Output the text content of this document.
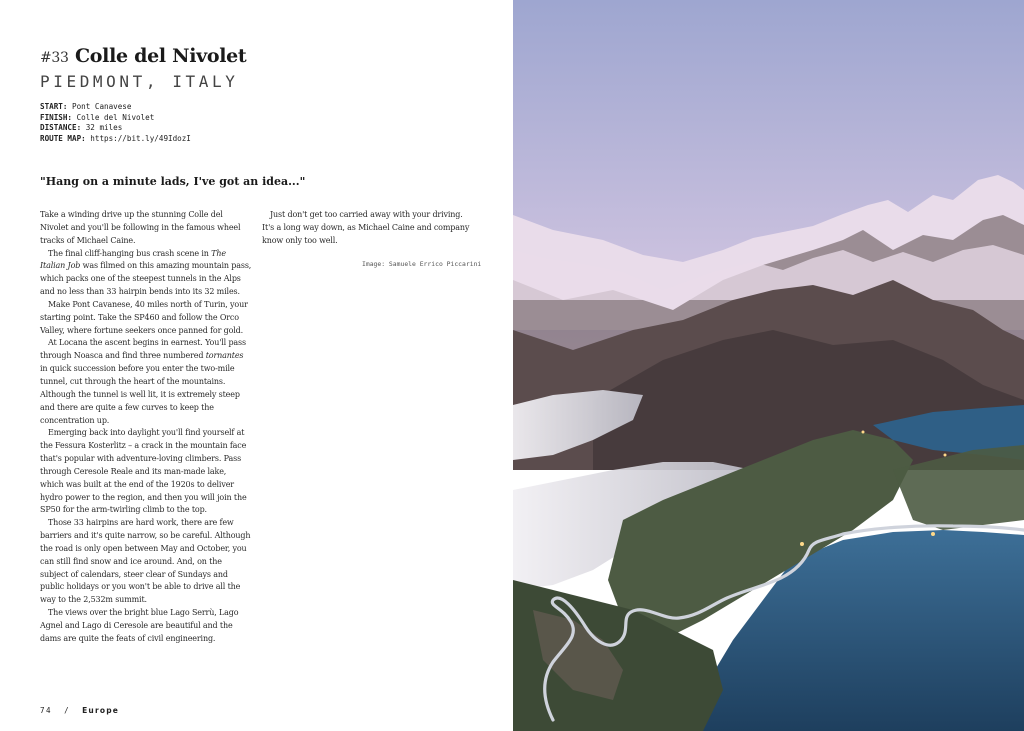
#33 Colle del Nivolet
PIEDMONT, ITALY
START: Pont Canavese
FINISH: Colle del Nivolet
DISTANCE: 32 miles
ROUTE MAP: https://bit.ly/49IdozI
"Hang on a minute lads, I've got an idea..."

Take a winding drive up the stunning Colle del Nivolet and you'll be following in the famous wheel tracks of Michael Caine.

The final cliff-hanging bus crash scene in The Italian Job was filmed on this amazing mountain pass, which packs one of the steepest tunnels in the Alps and no less than 33 hairpin bends into its 32 miles.

Make Pont Cavanese, 40 miles north of Turin, your starting point. Take the SP460 and follow the Orco Valley, where fortune seekers once panned for gold.

At Locana the ascent begins in earnest. You'll pass through Noasca and find three numbered tornantes in quick succession before you enter the two-mile tunnel, cut through the heart of the mountains. Although the tunnel is well lit, it is extremely steep and there are quite a few curves to keep the concentration up.

Emerging back into daylight you'll find yourself at the Fessura Kosterlitz – a crack in the mountain face that's popular with adventure-loving climbers. Pass through Ceresole Reale and its man-made lake, which was built at the end of the 1920s to deliver hydro power to the region, and then you will join the SP50 for the arm-twirling climb to the top.

Those 33 hairpins are hard work, there are few barriers and it's quite narrow, so be careful. Although the road is only open between May and October, you can still find snow and ice around. And, on the subject of calendars, steer clear of Sundays and public holidays or you won't be able to drive all the way to the 2,532m summit.

The views over the bright blue Lago Serrù, Lago Agnel and Lago di Ceresole are beautiful and the dams are quite the feats of civil engineering.

Just don't get too carried away with your driving. It's a long way down, as Michael Caine and company know only too well.

Image: Samuele Errico Piccarini
74 / Europe
